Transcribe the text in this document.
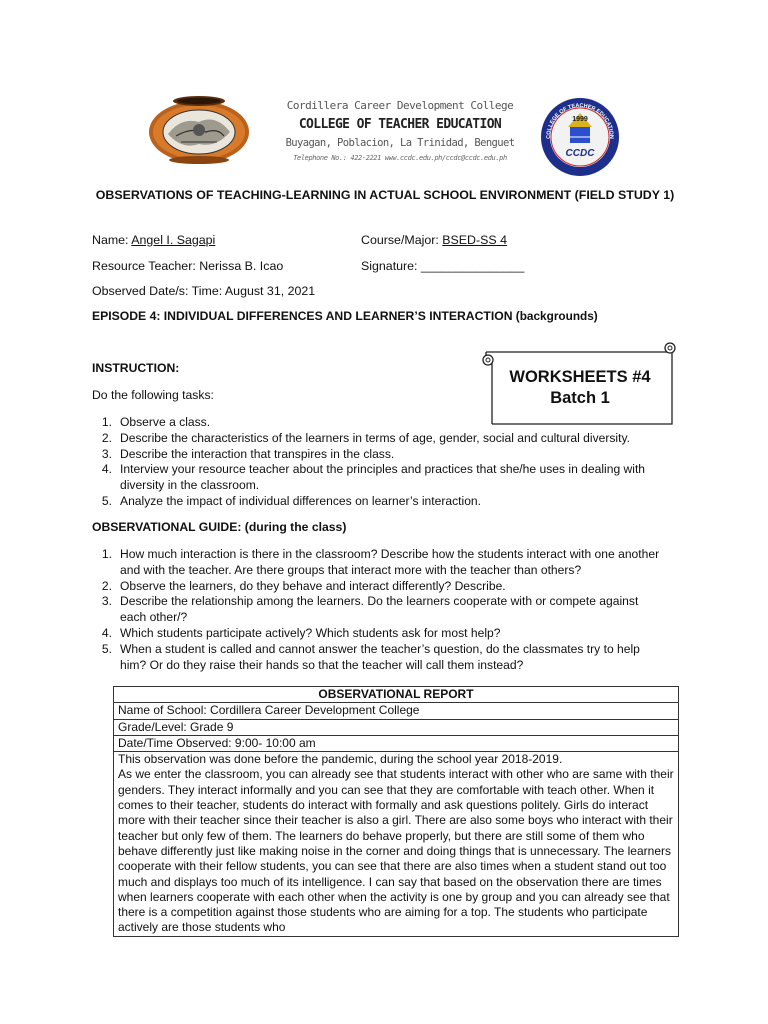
Cordillera Career Development College
COLLEGE OF TEACHER EDUCATION
Buyagan, Poblacion, La Trinidad, Benguet
Telephone No.: 422-2221 www.ccdc.edu.ph/ccdc@ccdc.edu.ph
1999
CCDC
COLLEGE OF TEACHER EDUCATION
OBSERVATIONS OF TEACHING-LEARNING IN ACTUAL SCHOOL ENVIRONMENT (FIELD STUDY 1)
Name: Angel I. Sagapi	Course/Major: BSED-SS 4
Resource Teacher: Nerissa B. Icao	Signature: _______________
Observed Date/s: Time: August 31, 2021
EPISODE 4: INDIVIDUAL DIFFERENCES AND LEARNER’S INTERACTION (backgrounds)
WORKSHEETS #4
Batch 1
INSTRUCTION:
Do the following tasks:
1. Observe a class.
2. Describe the characteristics of the learners in terms of age, gender, social and cultural diversity.
3. Describe the interaction that transpires in the class.
4. Interview your resource teacher about the principles and practices that she/he uses in dealing with diversity in the classroom.
5. Analyze the impact of individual differences on learner’s interaction.
OBSERVATIONAL GUIDE: (during the class)
1. How much interaction is there in the classroom? Describe how the students interact with one another and with the teacher. Are there groups that interact more with the teacher than others?
2. Observe the learners, do they behave and interact differently? Describe.
3. Describe the relationship among the learners. Do the learners cooperate with or compete against each other/?
4. Which students participate actively? Which students ask for most help?
5. When a student is called and cannot answer the teacher’s question, do the classmates try to help him? Or do they raise their hands so that the teacher will call them instead?
OBSERVATIONAL REPORT
Name of School: Cordillera Career Development College
Grade/Level: Grade 9
Date/Time Observed: 9:00- 10:00 am

This observation was done before the pandemic, during the school year 2018-2019.
As we enter the classroom, you can already see that students interact with other who are same with their genders. They interact informally and you can see that they are comfortable with teach other. When it comes to their teacher, students do interact with formally and ask questions politely. Girls do interact more with their teacher since their teacher is also a girl. There are also some boys who interact with their teacher but only few of them. The learners do behave properly, but there are still some of them who behave differently just like making noise in the corner and doing things that is unnecessary. The learners cooperate with their fellow students, you can see that there are also times when a student stand out too much and displays too much of its intelligence. I can say that based on the observation there are times when learners cooperate with each other when the activity is one by group and you can already see that there is a competition against those students who are aiming for a top. The students who participate actively are those students who
